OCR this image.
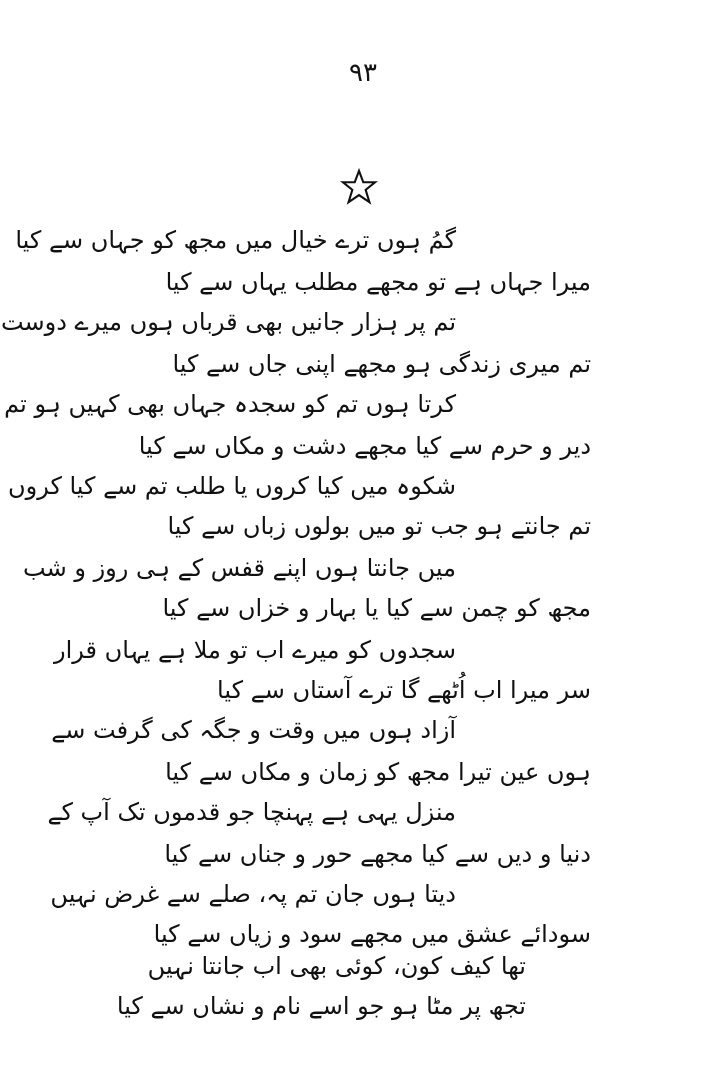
۹۳
گمُ ہوں ترے خیال میں مجھ کو جہاں سے کیا
میرا جہاں ہے تو مجھے مطلب یہاں سے کیا
تم پر ہزار جانیں بھی قرباں ہوں میرے دوست
تم میری زندگی ہو مجھے اپنی جاں سے کیا
کرتا ہوں تم کو سجدہ جہاں بھی کہیں ہو تم
دیر و حرم سے کیا مجھے دشت و مکاں سے کیا
شکوہ میں کیا کروں یا طلب تم سے کیا کروں
تم جانتے ہو جب تو میں بولوں زباں سے کیا
میں جانتا ہوں اپنے قفس کے ہی روز و شب
مجھ کو چمن سے کیا یا بہار و خزاں سے کیا
سجدوں کو میرے اب تو ملا ہے یہاں قرار
سر میرا اب اُٹھے گا ترے آستاں سے کیا
آزاد ہوں میں وقت و جگہ کی گرفت سے
ہوں عین تیرا مجھ کو زمان و مکاں سے کیا
منزل یہی ہے پہنچا جو قدموں تک آپ کے
دنیا و دیں سے کیا مجھے حور و جناں سے کیا
دیتا ہوں جان تم پہ، صلے سے غرض نہیں
سودائے عشق میں مجھے سود و زیاں سے کیا
تھا کیف کون، کوئی بھی اب جانتا نہیں
تجھ پر مٹا ہو جو اسے نام و نشاں سے کیا
